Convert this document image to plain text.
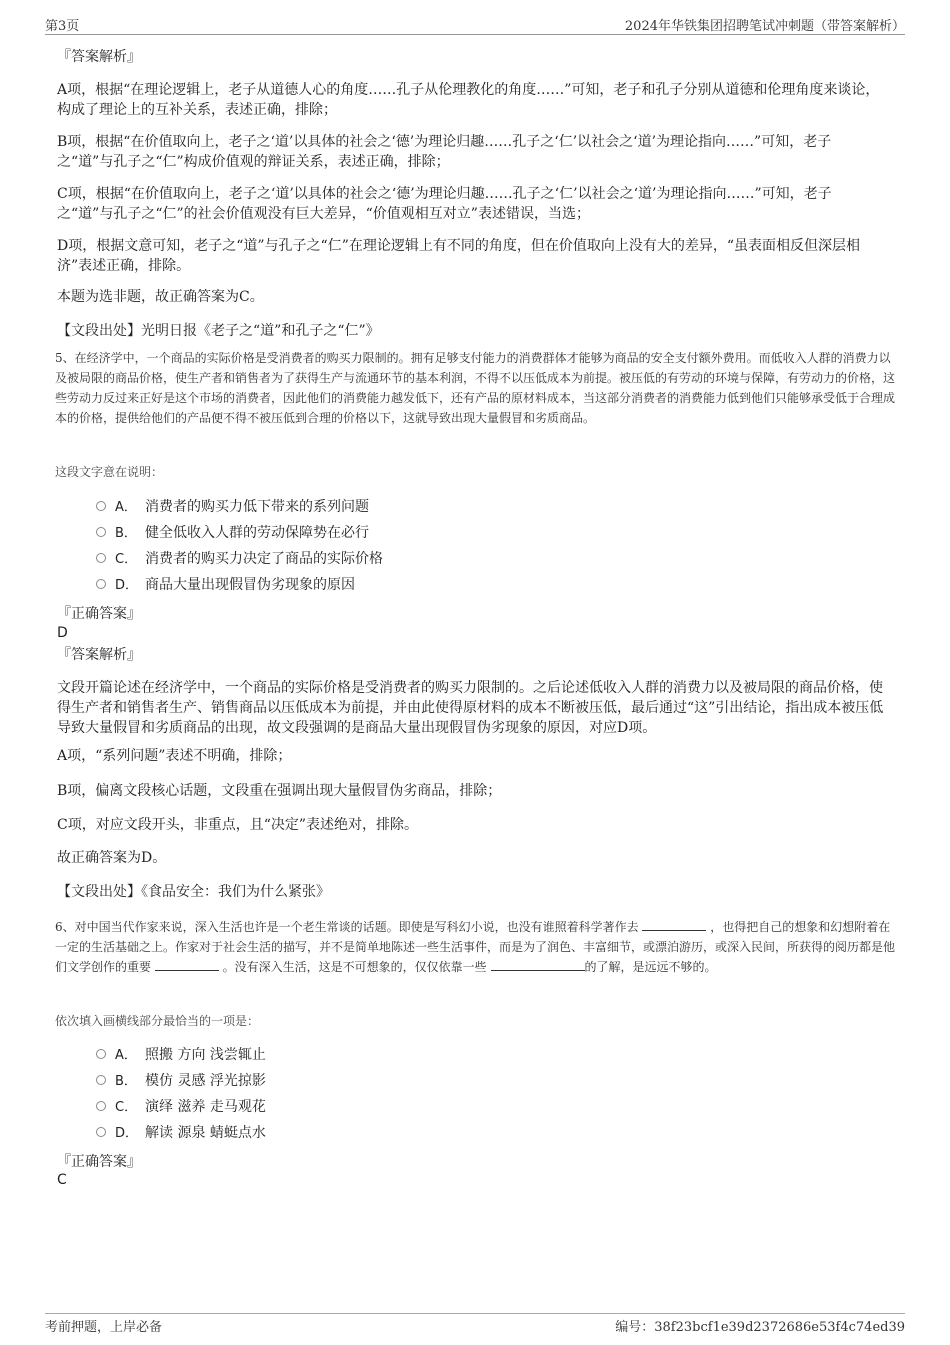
第3页	2024年华铁集团招聘笔试冲刺题（带答案解析）
『答案解析』
A项，根据“在理论逻辑上，老子从道德人心的角度……孔子从伦理教化的角度……”可知，老子和孔子分别从道德和伦理角度来谈论，构成了理论上的互补关系，表述正确，排除；
B项，根据“在价值取向上，老子之‘道’以具体的社会之‘德’为理论归趣……孔子之‘仁’以社会之‘道’为理论指向……”可知，老子之“道”与孔子之“仁”构成价值观的辩证关系，表述正确，排除；
C项，根据“在价值取向上，老子之‘道’以具体的社会之‘德’为理论归趣……孔子之‘仁’以社会之‘道’为理论指向……”可知，老子之“道”与孔子之“仁”的社会价值观没有巨大差异，“价值观相互对立”表述错误，当选；
D项，根据文意可知，老子之“道”与孔子之“仁”在理论逻辑上有不同的角度，但在价值取向上没有大的差异，“虽表面相反但深层相济”表述正确，排除。
本题为选非题，故正确答案为C。
【文段出处】光明日报《老子之“道”和孔子之“仁”》
5、在经济学中，一个商品的实际价格是受消费者的购买力限制的。拥有足够支付能力的消费群体才能够为商品的安全支付额外费用。而低收入人群的消费力以及被局限的商品价格，使生产者和销售者为了获得生产与流通环节的基本利润，不得不以压低成本为前提。被压低的有劳动的环境与保障，有劳动力的价格，这些劳动力反过来正好是这个市场的消费者，因此他们的消费能力越发低下，还有产品的原材料成本，当这部分消费者的消费能力低到他们只能够承受低于合理成本的价格，提供给他们的产品便不得不被压低到合理的价格以下，这就导致出现大量假冒和劣质商品。
这段文字意在说明：
A． 消费者的购买力低下带来的系列问题
B． 健全低收入人群的劳动保障势在必行
C． 消费者的购买力决定了商品的实际价格
D． 商品大量出现假冒伪劣现象的原因
『正确答案』
D
『答案解析』
文段开篇论述在经济学中，一个商品的实际价格是受消费者的购买力限制的。之后论述低收入人群的消费力以及被局限的商品价格，使得生产者和销售者生产、销售商品以压低成本为前提，并由此使得原材料的成本不断被压低，最后通过“这”引出结论，指出成本被压低导致大量假冒和劣质商品的出现，故文段强调的是商品大量出现假冒伪劣现象的原因，对应D项。
A项，“系列问题”表述不明确，排除；
B项，偏离文段核心话题，文段重在强调出现大量假冒伪劣商品，排除；
C项，对应文段开头，非重点，且“决定”表述绝对，排除。
故正确答案为D。
【文段出处】《食品安全：我们为什么紧张》
6、对中国当代作家来说，深入生活也许是一个老生常谈的话题。即使是写科幻小说，也没有谁照着科学著作去	，也得把自己的想象和幻想附着在一定的生活基础之上。作家对于社会生活的描写，并不是简单地陈述一些生活事件，而是为了润色、丰富细节，或漂泊游历，或深入民间，所获得的阅历都是他们文学创作的重要	。没有深入生活，这是不可想象的，仅仅依靠一些	的了解，是远远不够的。
依次填入画横线部分最恰当的一项是：
A． 照搬 方向 浅尝辄止
B． 模仿 灵感 浮光掠影
C． 演绎 滋养 走马观花
D． 解读 源泉 蜻蜓点水
『正确答案』
C
考前押题，上岸必备	编号：38f23bcf1e39d2372686e53f4c74ed39
